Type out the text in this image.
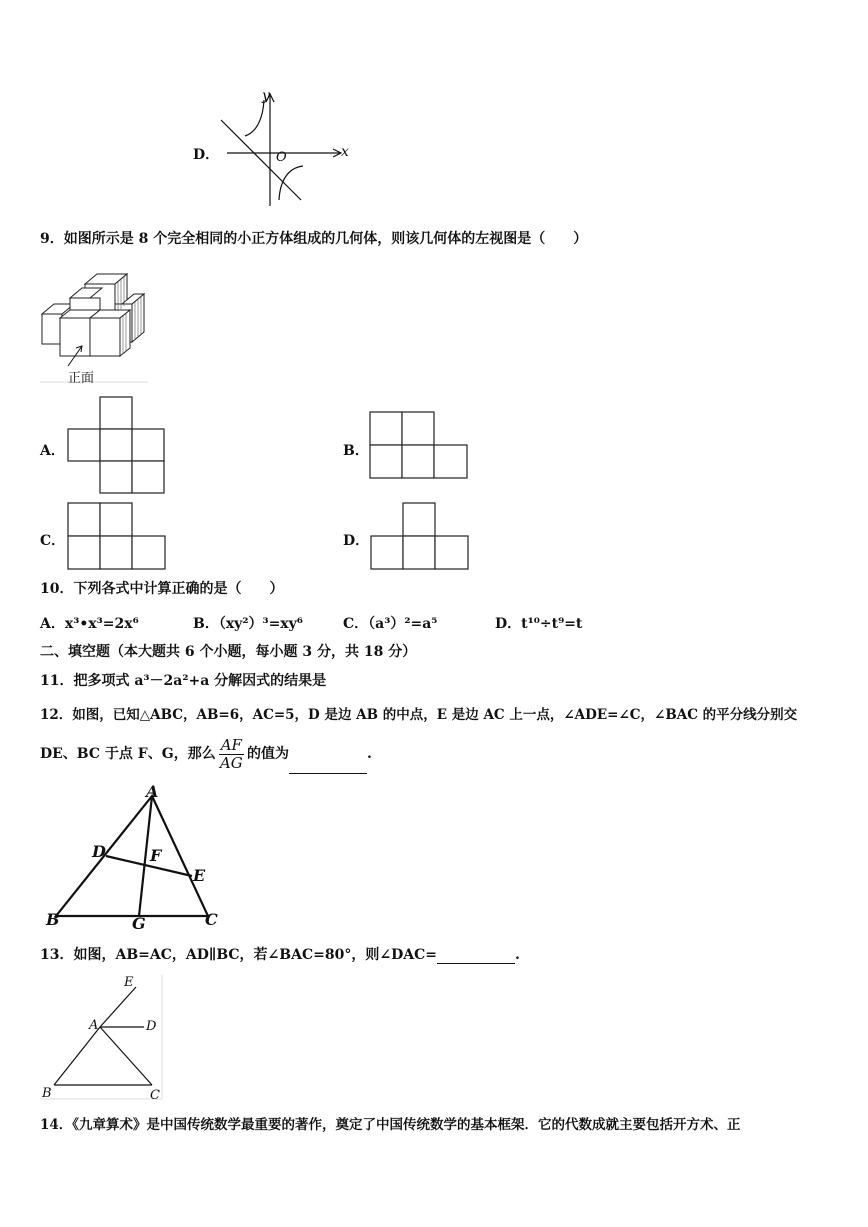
D．
y
x
O
9．如图所示是 8 个完全相同的小正方体组成的几何体，则该几何体的左视图是（　　）
正面
A．	B．
C．	D．
10．下列各式中计算正确的是（　　）
A．x³•x³=2x⁶	B．（xy²）³=xy⁶	C．（a³）²=a⁵	D．t¹⁰÷t⁹=t
二、填空题（本大题共 6 个小题，每小题 3 分，共 18 分）
11．把多项式 a³－2a²+a 分解因式的结果是
12．如图，已知△ABC，AB=6，AC=5，D 是边 AB 的中点，E 是边 AC 上一点，∠ADE=∠C，∠BAC 的平分线分别交
DE、BC 于点 F、G，那么 $\frac{AF}{AG}$ 的值为	.
A
D	F
E
B	G	C
13．如图，AB=AC，AD∥BC，若∠BAC=80°，则∠DAC=	.
E
A	D
B	C
14．《九章算术》是中国传统数学最重要的著作，奠定了中国传统数学的基本框架．它的代数成就主要包括开方术、正
